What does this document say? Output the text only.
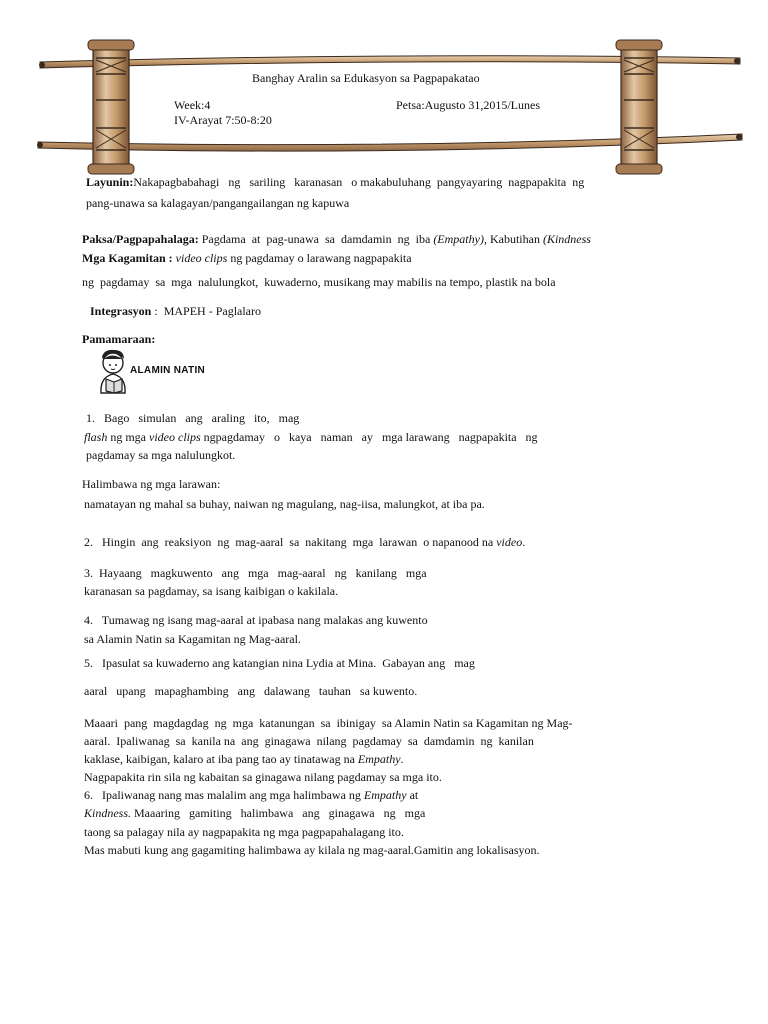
Banghay Aralin sa Edukasyon sa Pagpapakatao
Week:4	Petsa:Augusto 31,2015/Lunes
IV-Arayat 7:50-8:20
Layunin:Nakapagbabahagi   ng   sariling   karanasan   o makabuluhang  pangyayaring  nagpapakita  ng
pang-unawa sa kalagayan/pangangailangan ng kapuwa
Paksa/Pagpapahalaga: Pagdama  at  pag-unawa  sa  damdamin  ng  iba (Empathy), Kabutihan (Kindness
Mga Kagamitan : video clips ng pagdamay o larawang nagpapakita
ng  pagdamay  sa  mga  nalulungkot,  kuwaderno, musikang may mabilis na tempo, plastik na bola
Integrasyon : MAPEH - Paglalaro
Pamamaraan:
ALAMIN NATIN
1.   Bago   simulan   ang   araling   ito,   mag
flash ng mga video clips ngpagdamay   o   kaya   naman   ay   mga larawang   nagpapakita   ng
pagdamay sa mga nalulungkot.
Halimbawa ng mga larawan:
namatayan ng mahal sa buhay, naiwan ng magulang, nag-iisa, malungkot, at iba pa.
2.   Hingin  ang  reaksiyon  ng  mag-aaral  sa  nakitang  mga  larawan  o napanood na video.
3.  Hayaang   magkuwento   ang   mga   mag-aaral   ng   kanilang   mga
karanasan sa pagdamay, sa isang kaibigan o kakilala.
4.   Tumawag ng isang mag-aaral at ipabasa nang malakas ang kuwento
sa Alamin Natin sa Kagamitan ng Mag-aaral.
5.   Ipasulat sa kuwaderno ang katangian nina Lydia at Mina.  Gabayan ang   mag
aaral   upang   mapaghambing   ang   dalawang   tauhan   sa kuwento.
Maaari  pang  magdagdag  ng  mga  katanungan  sa  ibinigay  sa Alamin Natin sa Kagamitan ng Mag-
aaral.  Ipaliwanag  sa  kanila na  ang  ginagawa  nilang  pagdamay  sa  damdamin  ng  kanilan
kaklase, kaibigan, kalaro at iba pang tao ay tinatawag na Empathy.
Nagpapakita rin sila ng kabaitan sa ginagawa nilang pagdamay sa mga ito.
6.   Ipaliwanag nang mas malalim ang mga halimbawa ng Empathy at
Kindness. Maaaring   gamiting   halimbawa   ang   ginagawa   ng   mga
taong sa palagay nila ay nagpapakita ng mga pagpapahalagang ito.
Mas mabuti kung ang gagamiting halimbawa ay kilala ng mag-aaral.Gamitin ang lokalisasyon.
